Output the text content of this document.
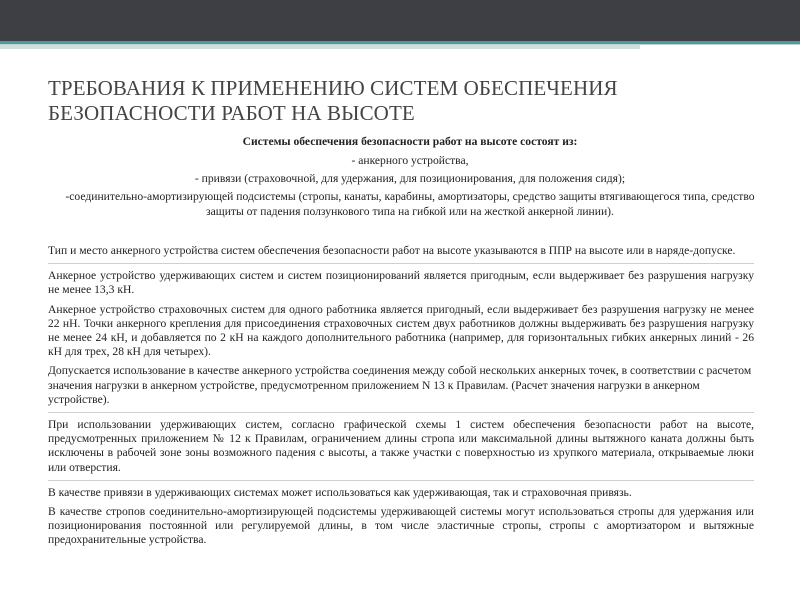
ТРЕБОВАНИЯ К ПРИМЕНЕНИЮ СИСТЕМ ОБЕСПЕЧЕНИЯ БЕЗОПАСНОСТИ РАБОТ НА ВЫСОТЕ

Системы обеспечения безопасности работ на высоте состоят из:

- анкерного устройства,

- привязи (страховочной, для удержания, для позиционирования, для положения сидя);

-соединительно-амортизирующей подсистемы (стропы, канаты, карабины, амортизаторы, средство защиты втягивающегося типа, средство защиты от падения ползункового типа на гибкой или на жесткой анкерной линии).

Тип и место анкерного устройства систем обеспечения безопасности работ на высоте указываются в ППР на высоте или в наряде-допуске.

Анкерное устройство удерживающих систем и систем позиционирований является пригодным, если выдерживает без разрушения нагрузку не менее 13,3 кН.

Анкерное устройство страховочных систем для одного работника является пригодный, если выдерживает без разрушения нагрузку не менее 22 нН. Точки анкерного крепления для присоединения страховочных систем двух работников должны выдерживать без разрушения нагрузку не менее 24 кН, и добавляется по 2 кН на каждого дополнительного работника (например, для горизонтальных гибких анкерных линий - 26 кН для трех, 28 кН для четырех).

Допускается использование в качестве анкерного устройства соединения между собой нескольких анкерных точек, в соответствии с расчетом значения нагрузки в анкерном устройстве, предусмотренном приложением N 13 к Правилам. (Расчет значения нагрузки в анкерном устройстве).

При использовании удерживающих систем, согласно графической схемы 1 систем обеспечения безопасности работ на высоте, предусмотренных приложением № 12 к Правилам, ограничением длины стропа или максимальной длины вытяжного каната должны быть исключены в рабочей зоне зоны возможного падения с высоты, а также участки с поверхностью из хрупкого материала, открываемые люки или отверстия.

В качестве привязи в удерживающих системах может использоваться как удерживающая, так и страховочная привязь.

В качестве стропов соединительно-амортизирующей подсистемы удерживающей системы могут использоваться стропы для удержания или позиционирования постоянной или регулируемой длины, в том числе эластичные стропы, стропы с амортизатором и вытяжные предохранительные устройства.
